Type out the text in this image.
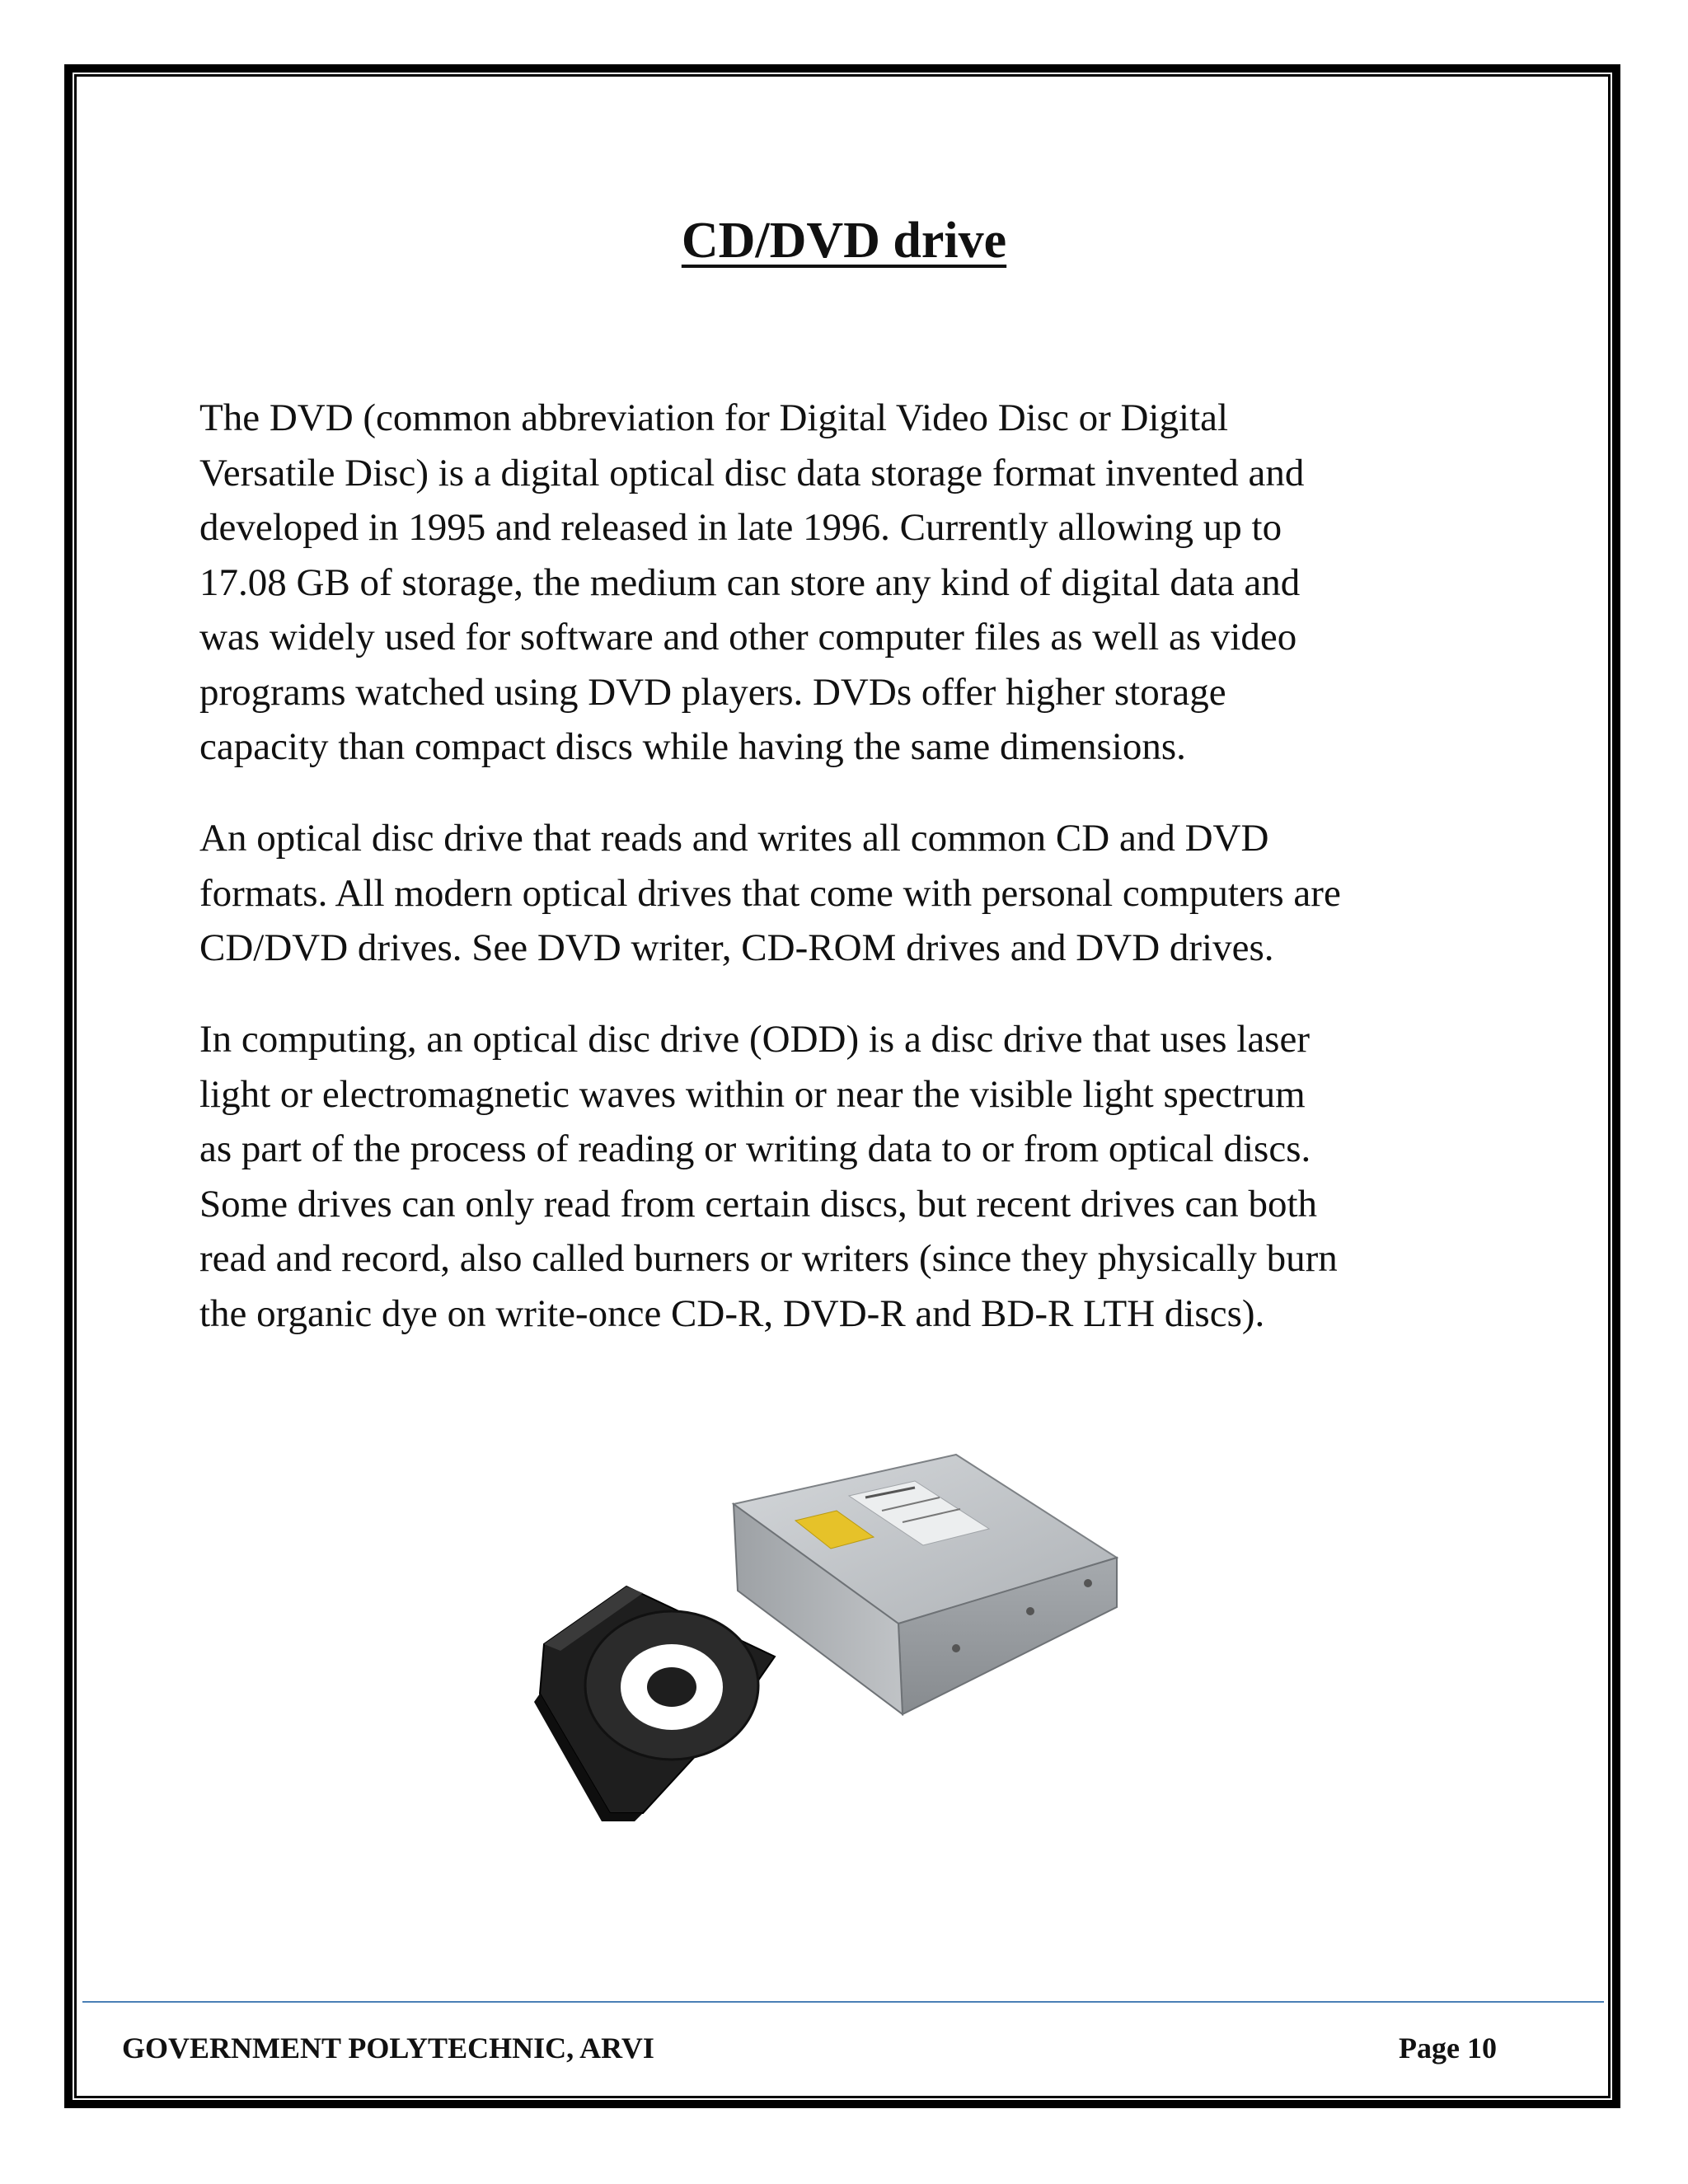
CD/DVD drive
The DVD (common abbreviation for Digital Video Disc or Digital
Versatile Disc) is a digital optical disc data storage format invented and
developed in 1995 and released in late 1996. Currently allowing up to
17.08 GB of storage, the medium can store any kind of digital data and
was widely used for software and other computer files as well as video
programs watched using DVD players. DVDs offer higher storage
capacity than compact discs while having the same dimensions.
An optical disc drive that reads and writes all common CD and DVD
formats. All modern optical drives that come with personal computers are
CD/DVD drives. See DVD writer, CD-ROM drives and DVD drives.
In computing, an optical disc drive (ODD) is a disc drive that uses laser
light or electromagnetic waves within or near the visible light spectrum
as part of the process of reading or writing data to or from optical discs.
Some drives can only read from certain discs, but recent drives can both
read and record, also called burners or writers (since they physically burn
the organic dye on write-once CD-R, DVD-R and BD-R LTH discs).
GOVERNMENT POLYTECHNIC, ARVI	Page 10
